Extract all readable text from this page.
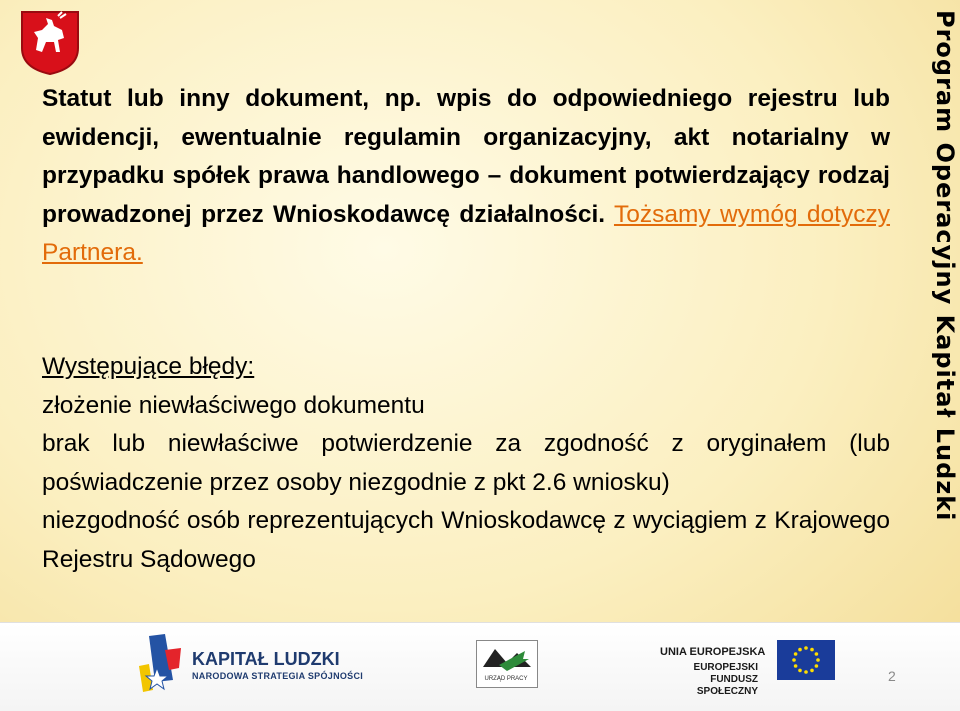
Program Operacyjny Kapitał Ludzki

Statut lub inny dokument, np. wpis do odpowiedniego rejestru lub ewidencji, ewentualnie regulamin organizacyjny, akt notarialny w przypadku spółek prawa handlowego – dokument potwierdzający rodzaj prowadzonej przez Wnioskodawcę działalności. Tożsamy wymóg dotyczy Partnera.

Występujące błędy:
złożenie niewłaściwego dokumentu
brak lub niewłaściwe potwierdzenie za zgodność z oryginałem (lub poświadczenie przez osoby niezgodnie z pkt 2.6 wniosku)
niezgodność osób reprezentujących Wnioskodawcę z wyciągiem z Krajowego Rejestru Sądowego
KAPITAŁ LUDZKI
NARODOWA STRATEGIA SPÓJNOŚCI	URZĄD PRACY
UNIA EUROPEJSKA
EUROPEJSKI
FUNDUSZ SPOŁECZNY
2
